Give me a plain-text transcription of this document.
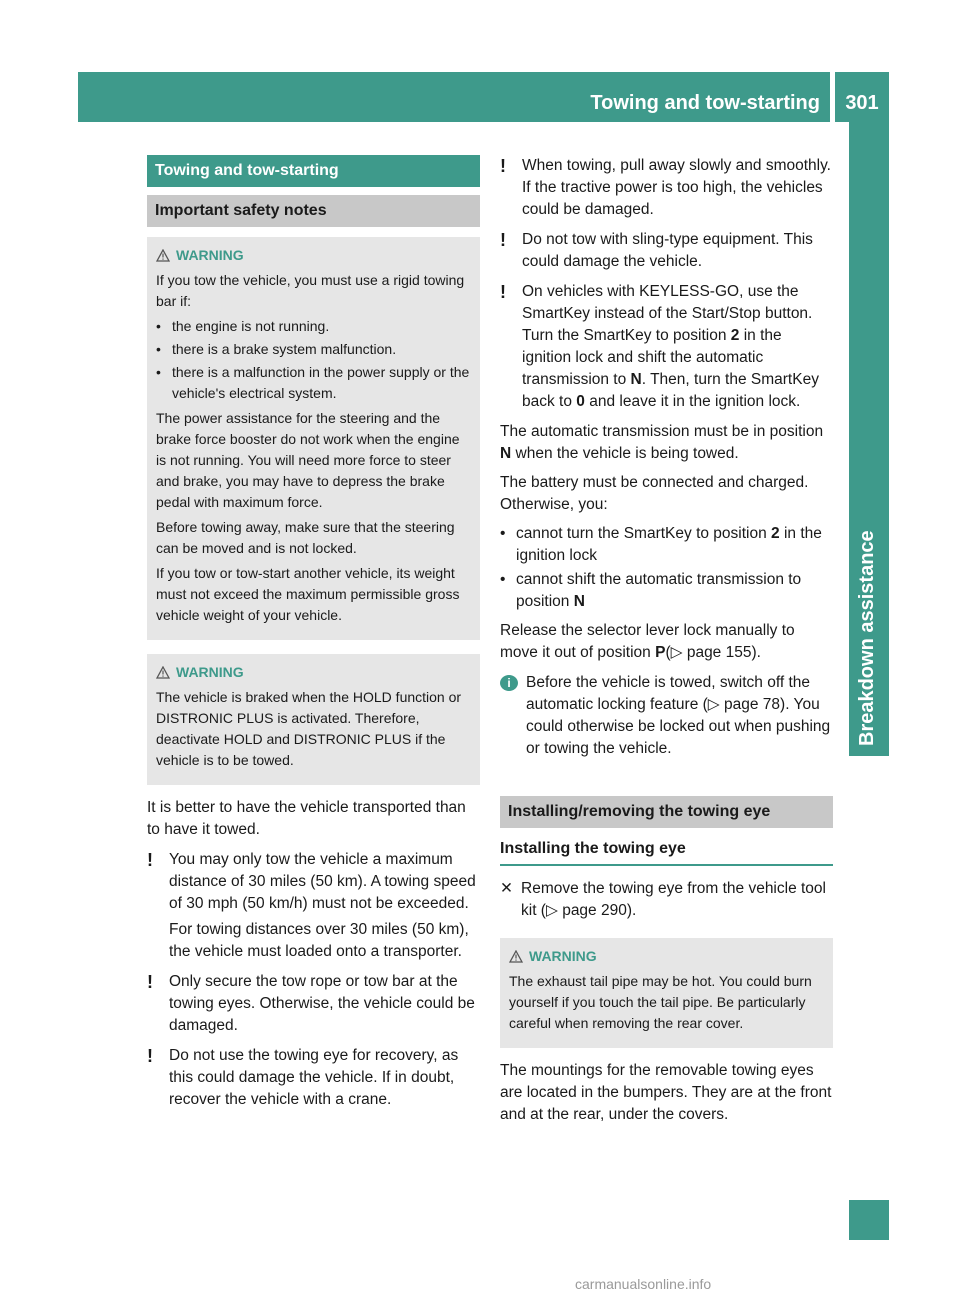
Towing and tow-starting	301
Breakdown assistance
Towing and tow-starting
Important safety notes
WARNING

If you tow the vehicle, you must use a rigid towing bar if:

• the engine is not running.
• there is a brake system malfunction.
• there is a malfunction in the power supply or the vehicle's electrical system.

The power assistance for the steering and the brake force booster do not work when the engine is not running. You will need more force to steer and brake, you may have to depress the brake pedal with maximum force.

Before towing away, make sure that the steering can be moved and is not locked.

If you tow or tow-start another vehicle, its weight must not exceed the maximum permissible gross vehicle weight of your vehicle.

WARNING

The vehicle is braked when the HOLD function or DISTRONIC PLUS is activated. Therefore, deactivate HOLD and DISTRONIC PLUS if the vehicle is to be towed.

It is better to have the vehicle transported than to have it towed.
!	You may only tow the vehicle a maximum distance of 30 miles (50 km). A towing speed of 30 mph (50 km/h) must not be exceeded.
For towing distances over 30 miles (50 km), the vehicle must loaded onto a transporter.
!	Only secure the tow rope or tow bar at the towing eyes. Otherwise, the vehicle could be damaged.
!	Do not use the towing eye for recovery, as this could damage the vehicle. If in doubt, recover the vehicle with a crane.
!	When towing, pull away slowly and smoothly. If the tractive power is too high, the vehicles could be damaged.
!	Do not tow with sling-type equipment. This could damage the vehicle.
!	On vehicles with KEYLESS-GO, use the SmartKey instead of the Start/Stop button. Turn the SmartKey to position 2 in the ignition lock and shift the automatic transmission to N. Then, turn the SmartKey back to 0 and leave it in the ignition lock.
The automatic transmission must be in position N when the vehicle is being towed.
The battery must be connected and charged. Otherwise, you:
• cannot turn the SmartKey to position 2 in the ignition lock
• cannot shift the automatic transmission to position N
Release the selector lever lock manually to move it out of position P(▷ page 155).
i Before the vehicle is towed, switch off the automatic locking feature (▷ page 78). You could otherwise be locked out when pushing or towing the vehicle.
Installing/removing the towing eye
Installing the towing eye
✕ Remove the towing eye from the vehicle tool kit (▷ page 290).
WARNING

The exhaust tail pipe may be hot. You could burn yourself if you touch the tail pipe. Be particularly careful when removing the rear cover.

The mountings for the removable towing eyes are located in the bumpers. They are at the front and at the rear, under the covers.
carmanualsonline.info
